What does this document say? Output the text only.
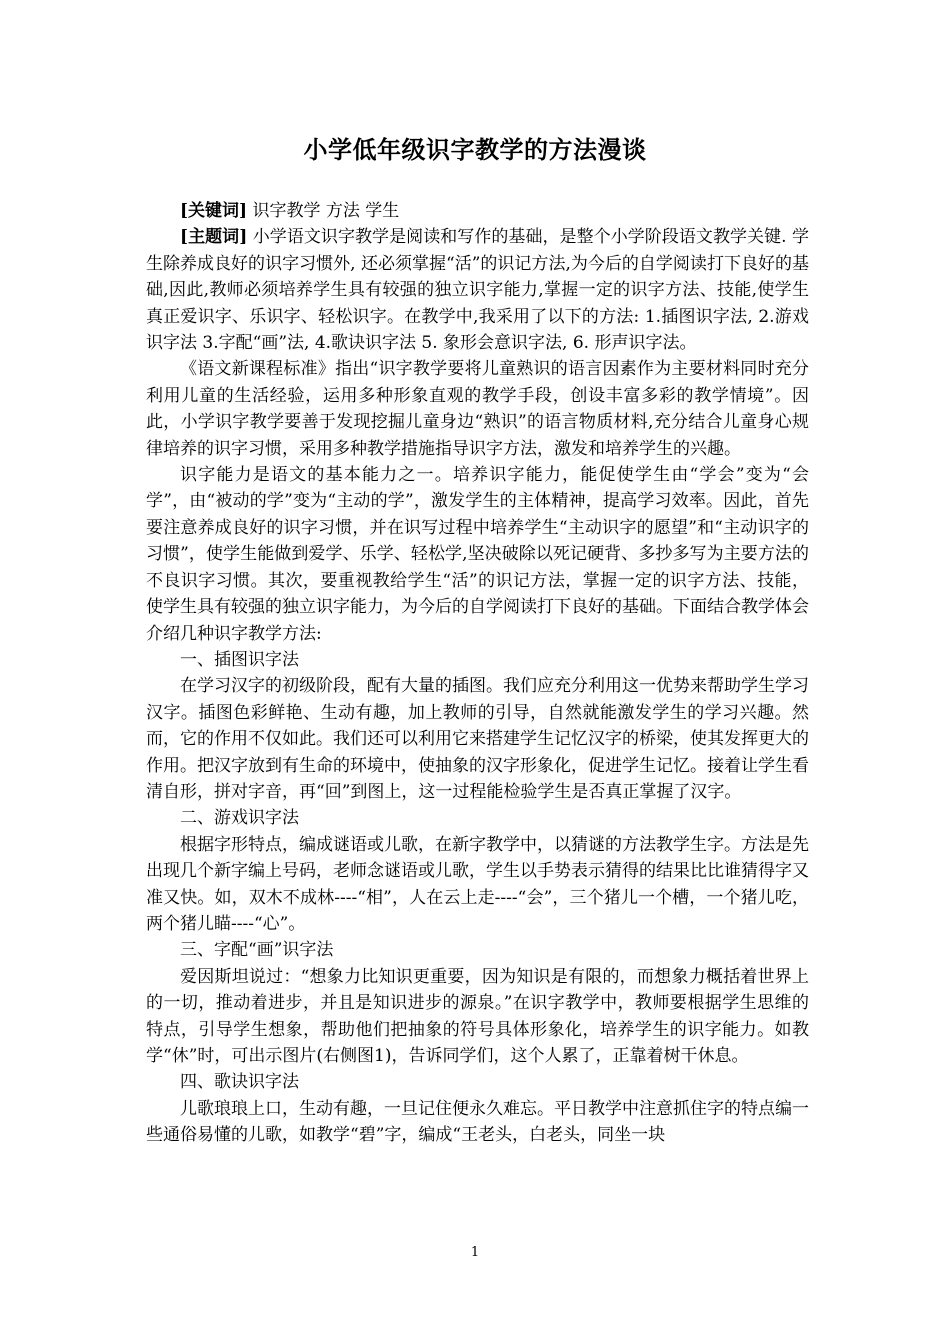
小学低年级识字教学的方法漫谈

[关键词] 识字教学 方法 学生

[主题词] 小学语文识字教学是阅读和写作的基础，是整个小学阶段语文教学关键. 学生除养成良好的识字习惯外, 还必须掌握“活”的识记方法,为今后的自学阅读打下良好的基础,因此,教师必须培养学生具有较强的独立识字能力,掌握一定的识字方法、技能,使学生真正爱识字、乐识字、轻松识字。在教学中,我采用了以下的方法: 1.插图识字法, 2.游戏识字法 3.字配“画”法, 4.歌诀识字法 5. 象形会意识字法, 6. 形声识字法。

《语文新课程标准》指出“识字教学要将儿童熟识的语言因素作为主要材料同时充分利用儿童的生活经验，运用多种形象直观的教学手段，创设丰富多彩的教学情境”。因此，小学识字教学要善于发现挖掘儿童身边“熟识”的语言物质材料,充分结合儿童身心规律培养的识字习惯，采用多种教学措施指导识字方法，激发和培养学生的兴趣。

识字能力是语文的基本能力之一。培养识字能力，能促使学生由“学会”变为“会学”，由“被动的学”变为“主动的学”，激发学生的主体精神，提高学习效率。因此，首先要注意养成良好的识字习惯，并在识写过程中培养学生“主动识字的愿望”和“主动识字的习惯”，使学生能做到爱学、乐学、轻松学,坚决破除以死记硬背、多抄多写为主要方法的不良识字习惯。其次，要重视教给学生“活”的识记方法，掌握一定的识字方法、技能，使学生具有较强的独立识字能力，为今后的自学阅读打下良好的基础。下面结合教学体会介绍几种识字教学方法:

一、插图识字法

在学习汉字的初级阶段，配有大量的插图。我们应充分利用这一优势来帮助学生学习汉字。插图色彩鲜艳、生动有趣，加上教师的引导，自然就能激发学生的学习兴趣。然而，它的作用不仅如此。我们还可以利用它来搭建学生记忆汉字的桥梁，使其发挥更大的作用。把汉字放到有生命的环境中，使抽象的汉字形象化，促进学生记忆。接着让学生看清自形，拼对字音，再“回”到图上，这一过程能检验学生是否真正掌握了汉字。

二、游戏识字法

根据字形特点，编成谜语或儿歌，在新字教学中，以猜谜的方法教学生字。方法是先出现几个新字编上号码，老师念谜语或儿歌，学生以手势表示猜得的结果比比谁猜得字又准又快。如，双木不成林----“相”，人在云上走----“会”，三个猪儿一个槽，一个猪儿吃，两个猪儿瞄----“心”。

三、字配“画”识字法

爱因斯坦说过：“想象力比知识更重要，因为知识是有限的，而想象力概括着世界上的一切，推动着进步，并且是知识进步的源泉。”在识字教学中，教师要根据学生思维的特点，引导学生想象，帮助他们把抽象的符号具体形象化，培养学生的识字能力。如教学“休”时，可出示图片(右侧图1)，告诉同学们，这个人累了，正靠着树干休息。

四、歌诀识字法

儿歌琅琅上口，生动有趣，一旦记住便永久难忘。平日教学中注意抓住字的特点编一些通俗易懂的儿歌，如教学“碧”字，编成“王老头，白老头，同坐一块

1
